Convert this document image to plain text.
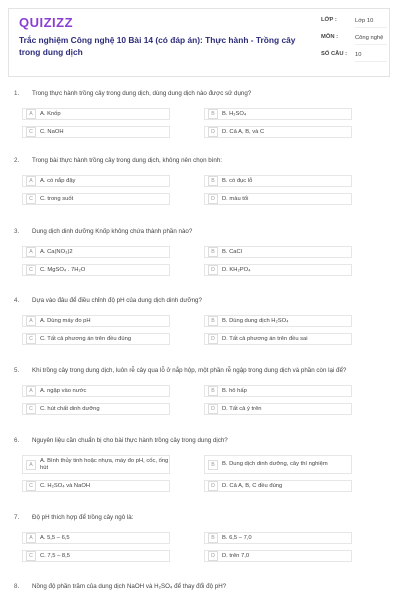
QUIZIZZ
Trắc nghiệm Công nghệ 10 Bài 14 (có đáp án): Thực hành - Trồng cây trong dung dịch
LỚP :	Lớp 10
MÔN :	Công nghệ
SỐ CÂU :	10
1. Trong thực hành trồng cây trong dung dịch, dùng dung dịch nào được sử dụng?
A	A. Knốp	B	B. H₂SO₄
C	C. NaOH	D	D. Cả A, B, và C
2. Trong bài thực hành trồng cây trong dung dịch, không nên chọn bình:
A	A. có nắp đậy	B	B. có đục lỗ
C	C. trong suốt	D	D. màu tối
3. Dung dịch dinh dưỡng Knốp không chứa thành phần nào?
A	A. Ca(NO₃)2	B	B. CaCl
C	C. MgSO₄ . 7H₂O	D	D. KH₂PO₄
4. Dựa vào đâu để điều chỉnh độ pH của dung dịch dinh dưỡng?
A	A. Dùng máy đo pH	B	B. Dùng dung dịch H₂SO₄
C	C. Tất cả phương án trên đều đúng	D	D. Tất cả phương án trên đều sai
5. Khi trồng cây trong dung dịch, luôn rễ cây qua lỗ ở nắp hộp, một phần rễ ngập trong dung dịch và phần còn lại để?
A	A. ngập vào nước	B	B. hô hấp
C	C. hút chất dinh dưỡng	D	D. Tất cả ý trên
6. Nguyên liệu cần chuẩn bị cho bài thực hành trồng cây trong dung dịch?
A
A. Bình thủy tinh hoặc nhựa, máy đo pH, cốc, ống hút	B	B. Dung dịch dinh dưỡng, cây thí nghiệm
C	C. H₂SO₄ và NaOH	D	D. Cả A, B, C đều đúng
7. Độ pH thích hợp để trồng cây ngô là:
A	A. 5,5 – 6,5	B	B. 6,5 – 7,0
C	C. 7,5 – 8,5	D	D. trên 7,0
8. Nồng độ phần trăm của dung dịch NaOH và H₂SO₄ để thay đổi độ pH?
